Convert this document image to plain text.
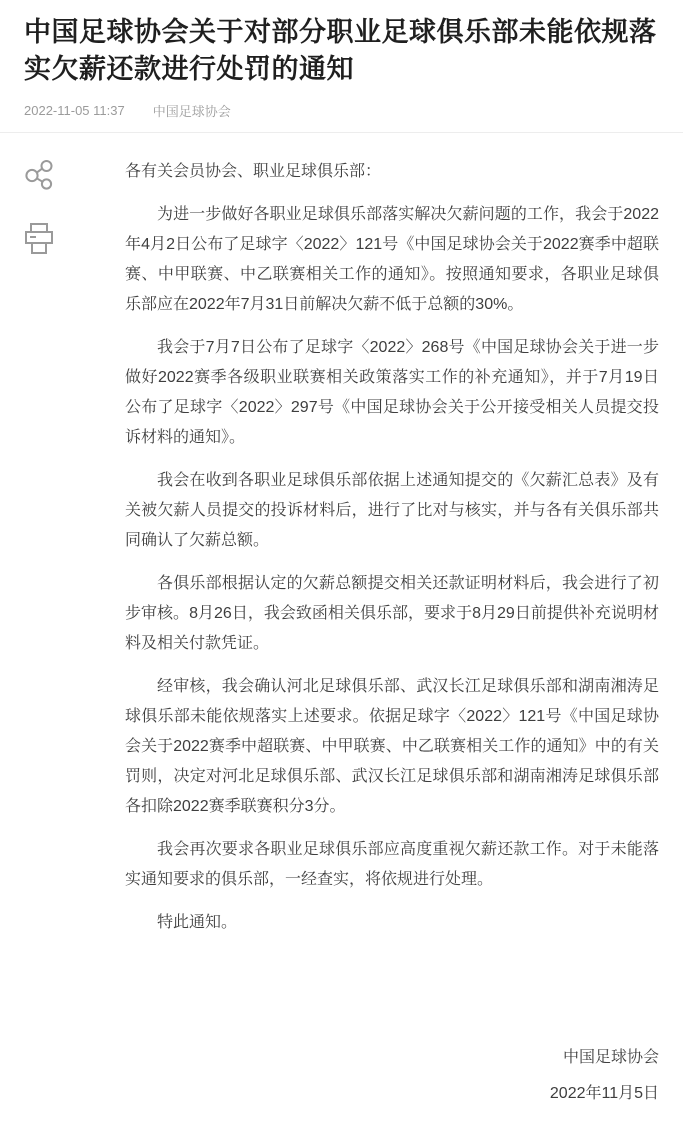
中国足球协会关于对部分职业足球俱乐部未能依规落实欠薪还款进行处罚的通知
2022-11-05 11:37 中国足球协会

各有关会员协会、职业足球俱乐部：

为进一步做好各职业足球俱乐部落实解决欠薪问题的工作，我会于2022年4月2日公布了足球字〈2022〉121号《中国足球协会关于2022赛季中超联赛、中甲联赛、中乙联赛相关工作的通知》。按照通知要求，各职业足球俱乐部应在2022年7月31日前解决欠薪不低于总额的30%。

我会于7月7日公布了足球字〈2022〉268号《中国足球协会关于进一步做好2022赛季各级职业联赛相关政策落实工作的补充通知》，并于7月19日公布了足球字〈2022〉297号《中国足球协会关于公开接受相关人员提交投诉材料的通知》。

我会在收到各职业足球俱乐部依据上述通知提交的《欠薪汇总表》及有关被欠薪人员提交的投诉材料后，进行了比对与核实，并与各有关俱乐部共同确认了欠薪总额。

各俱乐部根据认定的欠薪总额提交相关还款证明材料后，我会进行了初步审核。8月26日，我会致函相关俱乐部，要求于8月29日前提供补充说明材料及相关付款凭证。

经审核，我会确认河北足球俱乐部、武汉长江足球俱乐部和湖南湘涛足球俱乐部未能依规落实上述要求。依据足球字〈2022〉121号《中国足球协会关于2022赛季中超联赛、中甲联赛、中乙联赛相关工作的通知》中的有关罚则，决定对河北足球俱乐部、武汉长江足球俱乐部和湖南湘涛足球俱乐部各扣除2022赛季联赛积分3分。

我会再次要求各职业足球俱乐部应高度重视欠薪还款工作。对于未能落实通知要求的俱乐部，一经查实，将依规进行处理。

特此通知。

中国足球协会

2022年11月5日
